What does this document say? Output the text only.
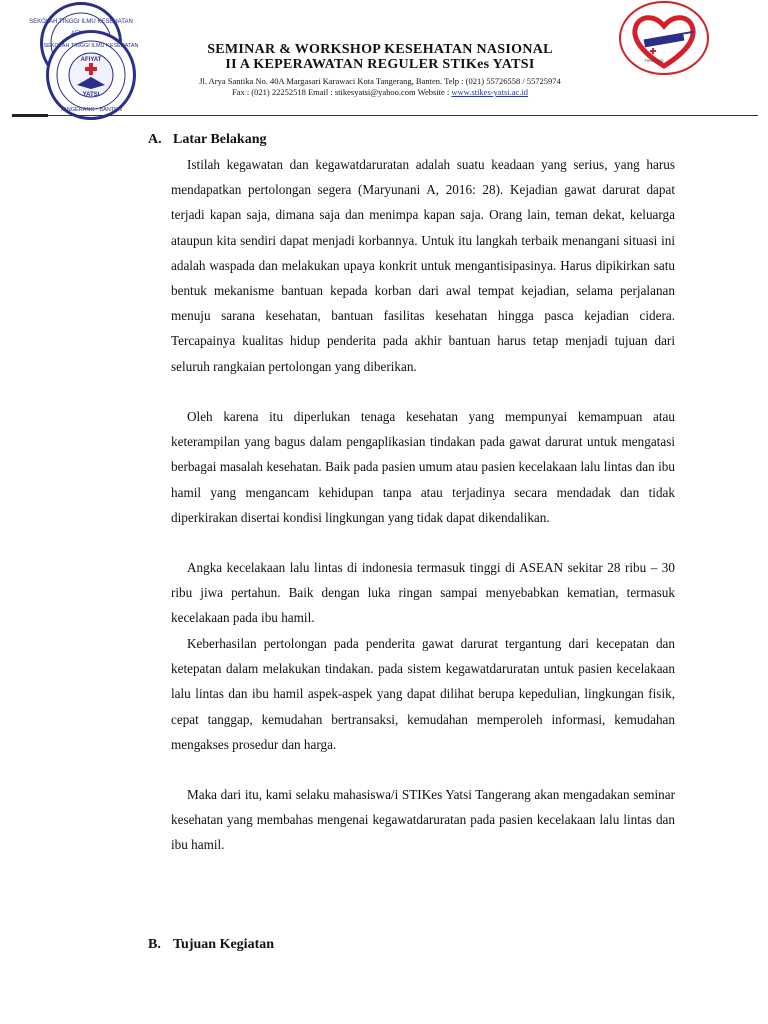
SEKOLAH TINGGI ILMU KESEHATAN
SEKOLAH TINGGI ILMU KESEHATAN
AFIYAT
YATSI
TANGERANG - BANTEN
FIRST AID

SEMINAR & WORKSHOP KESEHATAN NASIONAL

II A KEPERAWATAN REGULER STIKes YATSI

Jl. Arya Santika No. 40A Margasari Karawaci Kota Tangerang, Banten. Telp : (021) 55726558 / 55725974
Fax : (021) 22252518 Email : stikesyatsi@yahoo.com Website : www.stikes-yatsi.ac.id
A. Latar Belakang

Istilah kegawatan dan kegawatdaruratan adalah suatu keadaan yang serius, yang harus mendapatkan pertolongan segera (Maryunani A, 2016: 28). Kejadian gawat darurat dapat terjadi kapan saja, dimana saja dan menimpa kapan saja. Orang lain, teman dekat, keluarga ataupun kita sendiri dapat menjadi korbannya. Untuk itu langkah terbaik menangani situasi ini adalah waspada dan melakukan upaya konkrit untuk mengantisipasinya. Harus dipikirkan satu bentuk mekanisme bantuan kepada korban dari awal tempat kejadian, selama perjalanan menuju sarana kesehatan, bantuan fasilitas kesehatan hingga pasca kejadian cidera. Tercapainya kualitas hidup penderita pada akhir bantuan harus tetap menjadi tujuan dari seluruh rangkaian pertolongan yang diberikan.

Oleh karena itu diperlukan tenaga kesehatan yang mempunyai kemampuan atau keterampilan yang bagus dalam pengaplikasian tindakan pada gawat darurat untuk mengatasi berbagai masalah kesehatan. Baik pada pasien umum atau pasien kecelakaan lalu lintas dan ibu hamil yang mengancam kehidupan tanpa atau terjadinya secara mendadak dan tidak diperkirakan disertai kondisi lingkungan yang tidak dapat dikendalikan.

Angka kecelakaan lalu lintas di indonesia termasuk tinggi di ASEAN sekitar 28 ribu – 30 ribu jiwa pertahun. Baik dengan luka ringan sampai menyebabkan kematian, termasuk kecelakaan pada ibu hamil.

Keberhasilan pertolongan pada penderita gawat darurat tergantung dari kecepatan dan ketepatan dalam melakukan tindakan. pada sistem kegawatdaruratan untuk pasien kecelakaan lalu lintas dan ibu hamil aspek-aspek yang dapat dilihat berupa kepedulian, lingkungan fisik, cepat tanggap, kemudahan bertransaksi, kemudahan memperoleh informasi, kemudahan mengakses prosedur dan harga.

Maka dari itu, kami selaku mahasiswa/i STIKes Yatsi Tangerang akan mengadakan seminar kesehatan yang membahas mengenai kegawatdaruratan pada pasien kecelakaan lalu lintas dan ibu hamil.

B. Tujuan Kegiatan
